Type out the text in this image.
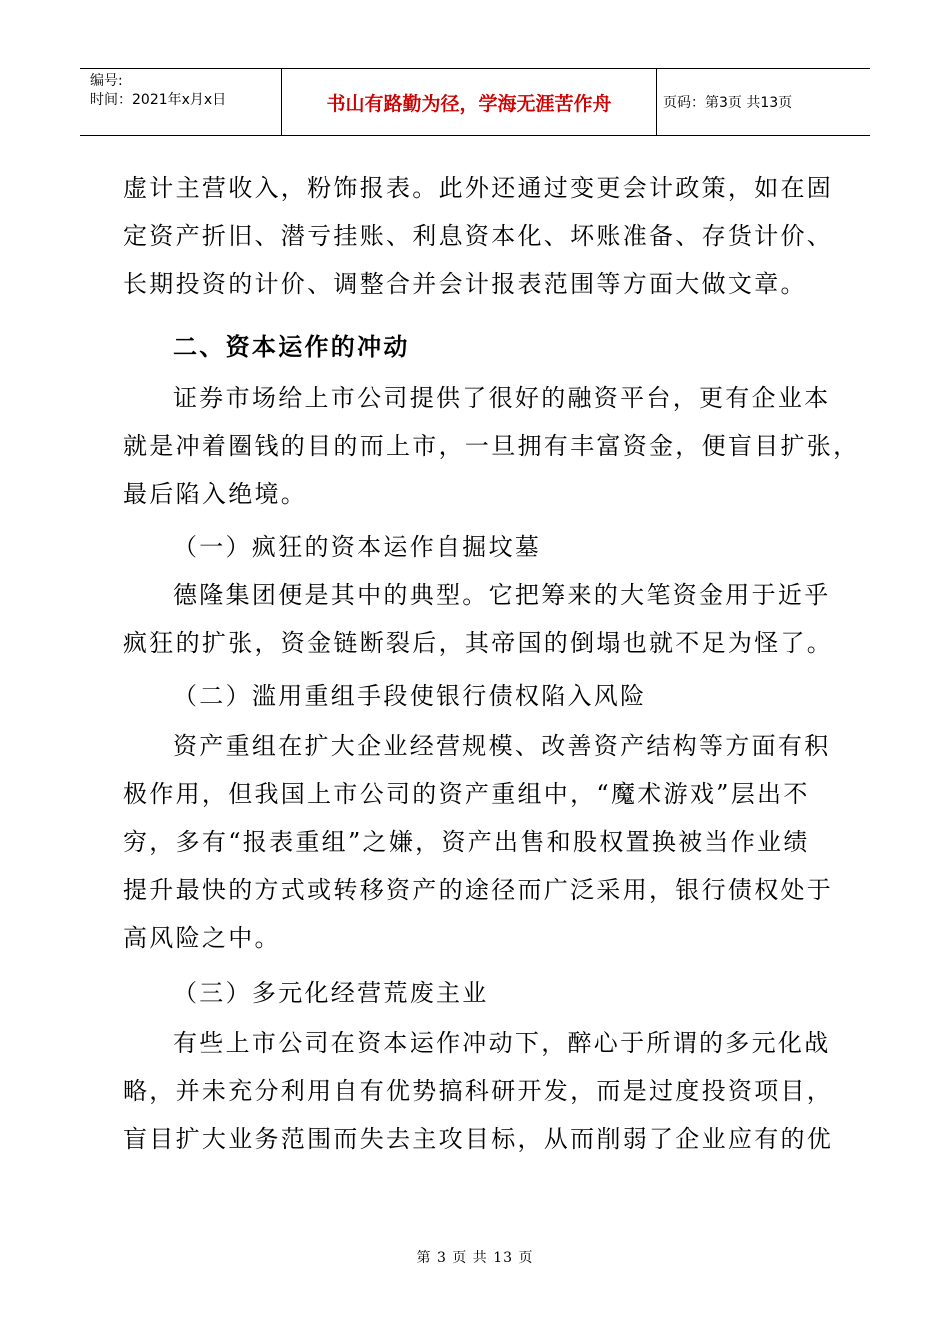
编号:
时间：2021年x月x日	书山有路勤为径，学海无涯苦作舟	页码：第3页 共13页
虚计主营收入，粉饰报表。此外还通过变更会计政策，如在固
定资产折旧、潜亏挂账、利息资本化、坏账准备、存货计价、
长期投资的计价、调整合并会计报表范围等方面大做文章。
二、资本运作的冲动
证券市场给上市公司提供了很好的融资平台，更有企业本
就是冲着圈钱的目的而上市，一旦拥有丰富资金，便盲目扩张，
最后陷入绝境。
（一）疯狂的资本运作自掘坟墓
德隆集团便是其中的典型。它把筹来的大笔资金用于近乎
疯狂的扩张，资金链断裂后，其帝国的倒塌也就不足为怪了。
（二）滥用重组手段使银行债权陷入风险
资产重组在扩大企业经营规模、改善资产结构等方面有积
极作用，但我国上市公司的资产重组中，“魔术游戏”层出不
穷，多有“报表重组”之嫌，资产出售和股权置换被当作业绩
提升最快的方式或转移资产的途径而广泛采用，银行债权处于
高风险之中。
（三）多元化经营荒废主业
有些上市公司在资本运作冲动下，醉心于所谓的多元化战
略，并未充分利用自有优势搞科研开发，而是过度投资项目，
盲目扩大业务范围而失去主攻目标，从而削弱了企业应有的优
第 3 页 共 13 页
